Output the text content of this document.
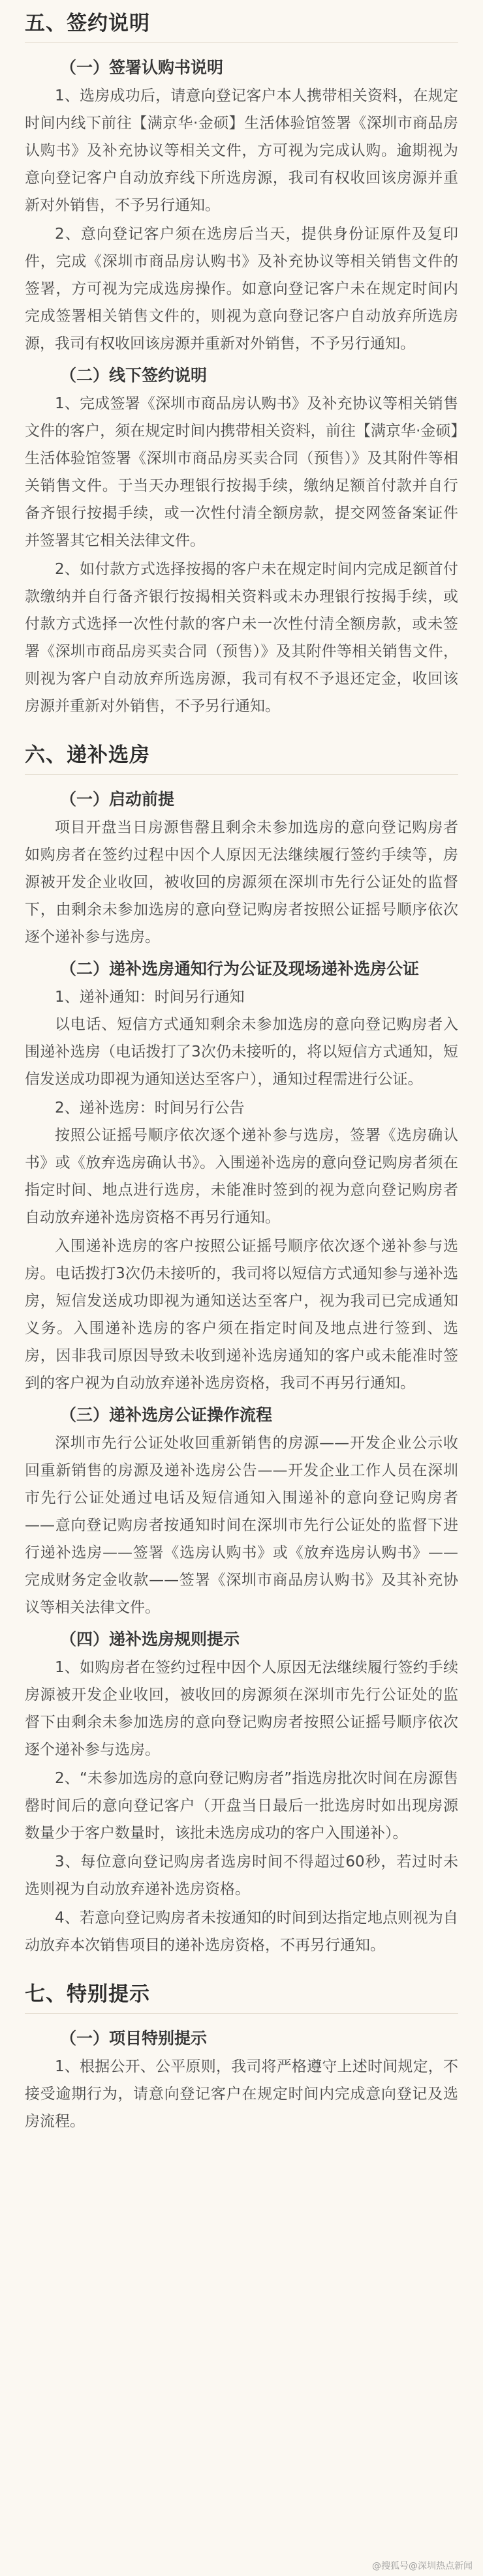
五、签约说明
（一）签署认购书说明

1、选房成功后，请意向登记客户本人携带相关资料，在规定时间内线下前往【满京华·金硕】生活体验馆签署《深圳市商品房认购书》及补充协议等相关文件，方可视为完成认购。逾期视为意向登记客户自动放弃线下所选房源，我司有权收回该房源并重新对外销售，不予另行通知。

2、意向登记客户须在选房后当天，提供身份证原件及复印件，完成《深圳市商品房认购书》及补充协议等相关销售文件的签署，方可视为完成选房操作。如意向登记客户未在规定时间内完成签署相关销售文件的，则视为意向登记客户自动放弃所选房源，我司有权收回该房源并重新对外销售，不予另行通知。

（二）线下签约说明

1、完成签署《深圳市商品房认购书》及补充协议等相关销售文件的客户，须在规定时间内携带相关资料，前往【满京华·金硕】生活体验馆签署《深圳市商品房买卖合同（预售）》及其附件等相关销售文件。于当天办理银行按揭手续，缴纳足额首付款并自行备齐银行按揭手续，或一次性付清全额房款，提交网签备案证件并签署其它相关法律文件。

2、如付款方式选择按揭的客户未在规定时间内完成足额首付款缴纳并自行备齐银行按揭相关资料或未办理银行按揭手续，或付款方式选择一次性付款的客户未一次性付清全额房款，或未签署《深圳市商品房买卖合同（预售）》及其附件等相关销售文件，则视为客户自动放弃所选房源，我司有权不予退还定金，收回该房源并重新对外销售，不予另行通知。

六、递补选房
（一）启动前提

项目开盘当日房源售罄且剩余未参加选房的意向登记购房者如购房者在签约过程中因个人原因无法继续履行签约手续等，房源被开发企业收回，被收回的房源须在深圳市先行公证处的监督下，由剩余未参加选房的意向登记购房者按照公证摇号顺序依次逐个递补参与选房。

（二）递补选房通知行为公证及现场递补选房公证
1、递补通知：时间另行通知

以电话、短信方式通知剩余未参加选房的意向登记购房者入围递补选房（电话拨打了3次仍未接听的，将以短信方式通知，短信发送成功即视为通知送达至客户），通知过程需进行公证。

2、递补选房：时间另行公告

按照公证摇号顺序依次逐个递补参与选房，签署《选房确认书》或《放弃选房确认书》。入围递补选房的意向登记购房者须在指定时间、地点进行选房，未能准时签到的视为意向登记购房者自动放弃递补选房资格不再另行通知。

入围递补选房的客户按照公证摇号顺序依次逐个递补参与选房。电话拨打3次仍未接听的，我司将以短信方式通知参与递补选房，短信发送成功即视为通知送达至客户，视为我司已完成通知义务。入围递补选房的客户须在指定时间及地点进行签到、选房，因非我司原因导致未收到递补选房通知的客户或未能准时签到的客户视为自动放弃递补选房资格，我司不再另行通知。

（三）递补选房公证操作流程

深圳市先行公证处收回重新销售的房源——开发企业公示收回重新销售的房源及递补选房公告——开发企业工作人员在深圳市先行公证处通过电话及短信通知入围递补的意向登记购房者——意向登记购房者按通知时间在深圳市先行公证处的监督下进行递补选房——签署《选房认购书》或《放弃选房认购书》——完成财务定金收款——签署《深圳市商品房认购书》及其补充协议等相关法律文件。

（四）递补选房规则提示

1、如购房者在签约过程中因个人原因无法继续履行签约手续房源被开发企业收回，被收回的房源须在深圳市先行公证处的监督下由剩余未参加选房的意向登记购房者按照公证摇号顺序依次逐个递补参与选房。

2、“未参加选房的意向登记购房者”指选房批次时间在房源售罄时间后的意向登记客户（开盘当日最后一批选房时如出现房源数量少于客户数量时，该批未选房成功的客户入围递补）。

3、每位意向登记购房者选房时间不得超过60秒，若过时未选则视为自动放弃递补选房资格。

4、若意向登记购房者未按通知的时间到达指定地点则视为自动放弃本次销售项目的递补选房资格，不再另行通知。

七、特别提示
（一）项目特别提示

1、根据公开、公平原则，我司将严格遵守上述时间规定，不接受逾期行为，请意向登记客户在规定时间内完成意向登记及选房流程。

@搜狐号@深圳热点新闻
